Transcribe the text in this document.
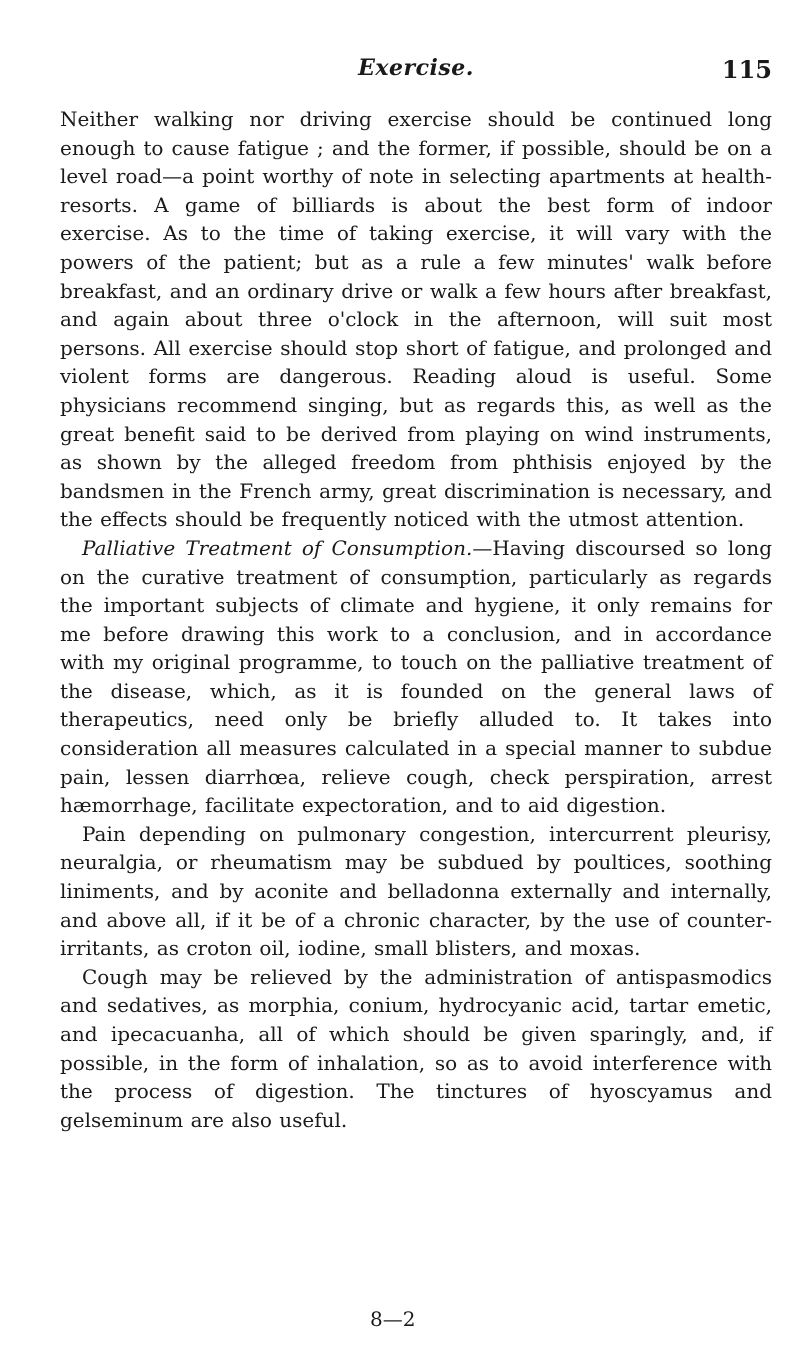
Exercise.	115

Neither walking nor driving exercise should be continued long enough to cause fatigue ; and the former, if possible, should be on a level road—a point worthy of note in selecting apartments at health-resorts. A game of billiards is about the best form of indoor exercise. As to the time of taking exercise, it will vary with the powers of the patient; but as a rule a few minutes' walk before breakfast, and an ordinary drive or walk a few hours after breakfast, and again about three o'clock in the afternoon, will suit most persons. All exercise should stop short of fatigue, and prolonged and violent forms are dangerous. Reading aloud is useful. Some physicians recommend singing, but as regards this, as well as the great benefit said to be derived from playing on wind instruments, as shown by the alleged freedom from phthisis enjoyed by the bandsmen in the French army, great discrimination is necessary, and the effects should be frequently noticed with the utmost attention.

Palliative Treatment of Consumption.—Having discoursed so long on the curative treatment of consumption, particularly as regards the important subjects of climate and hygiene, it only remains for me before drawing this work to a conclusion, and in accordance with my original programme, to touch on the palliative treatment of the disease, which, as it is founded on the general laws of therapeutics, need only be briefly alluded to. It takes into consideration all measures calculated in a special manner to subdue pain, lessen diarrhœa, relieve cough, check perspiration, arrest hæmorrhage, facilitate expectoration, and to aid digestion.

Pain depending on pulmonary congestion, intercurrent pleurisy, neuralgia, or rheumatism may be subdued by poultices, soothing liniments, and by aconite and belladonna externally and internally, and above all, if it be of a chronic character, by the use of counter-irritants, as croton oil, iodine, small blisters, and moxas.

Cough may be relieved by the administration of antispasmodics and sedatives, as morphia, conium, hydrocyanic acid, tartar emetic, and ipecacuanha, all of which should be given sparingly, and, if possible, in the form of inhalation, so as to avoid interference with the process of digestion. The tinctures of hyoscyamus and gelseminum are also useful.

8—2
